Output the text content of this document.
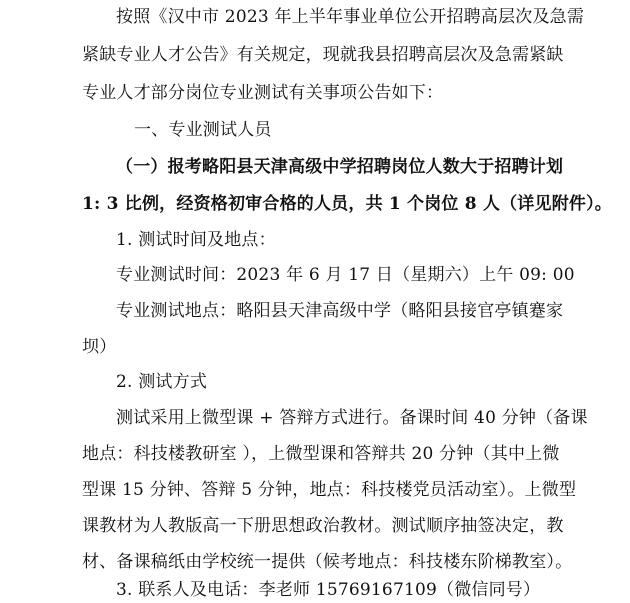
按照《汉中市 2023 年上半年事业单位公开招聘高层次及急需
紧缺专业人才公告》有关规定，现就我县招聘高层次及急需紧缺
专业人才部分岗位专业测试有关事项公告如下：
一、专业测试人员
（一）报考略阳县天津高级中学招聘岗位人数大于招聘计划
1: 3 比例，经资格初审合格的人员，共 1 个岗位 8 人（详见附件）。
1. 测试时间及地点：
专业测试时间：2023 年 6 月 17 日（星期六）上午 09: 00
专业测试地点：略阳县天津高级中学（略阳县接官亭镇蹇家
坝）
2. 测试方式
测试采用上微型课 + 答辩方式进行。备课时间 40 分钟（备课
地点：科技楼教研室 ），上微型课和答辩共 20 分钟（其中上微
型课 15 分钟、答辩 5 分钟，地点：科技楼党员活动室）。上微型
课教材为人教版高一下册思想政治教材。测试顺序抽签决定，教
材、备课稿纸由学校统一提供（候考地点：科技楼东阶梯教室）。
3. 联系人及电话：李老师 15769167109（微信同号）
